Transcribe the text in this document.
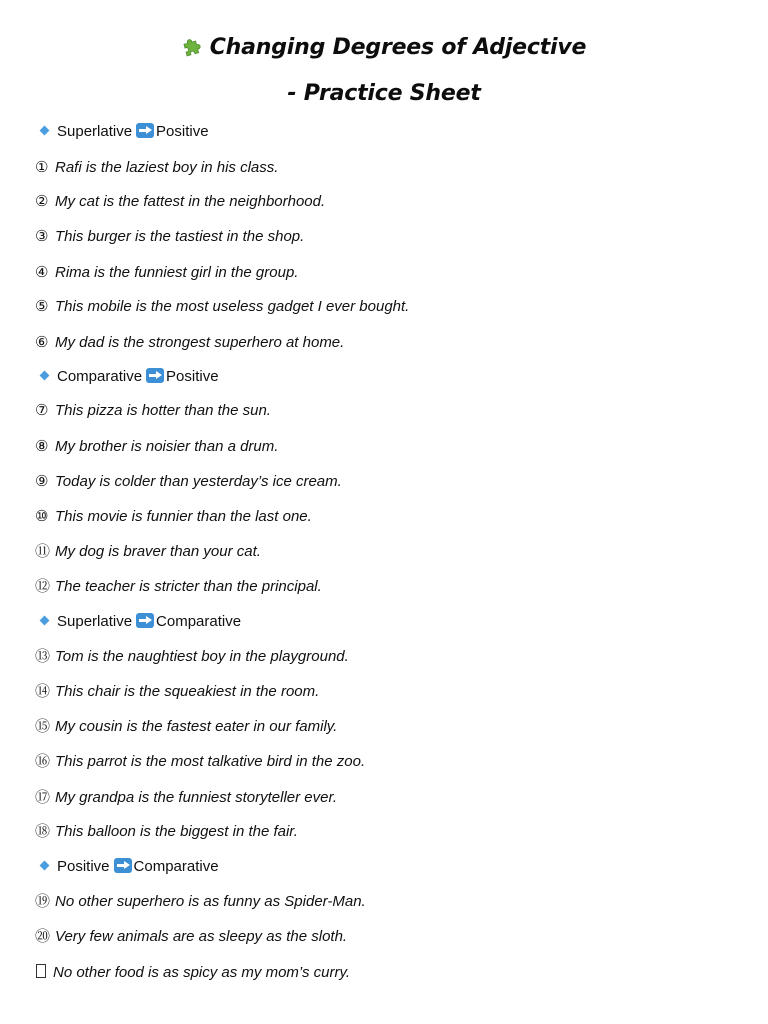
Changing Degrees of Adjective
- Practice Sheet
Superlative Positive
① Rafi is the laziest boy in his class.
② My cat is the fattest in the neighborhood.
③ This burger is the tastiest in the shop.
④ Rima is the funniest girl in the group.
⑤ This mobile is the most useless gadget I ever bought.
⑥ My dad is the strongest superhero at home.
Comparative Positive
⑦ This pizza is hotter than the sun.
⑧ My brother is noisier than a drum.
⑨ Today is colder than yesterday’s ice cream.
⑩ This movie is funnier than the last one.
⑪ My dog is braver than your cat.
⑫ The teacher is stricter than the principal.
Superlative Comparative
⑬ Tom is the naughtiest boy in the playground.
⑭ This chair is the squeakiest in the room.
⑮ My cousin is the fastest eater in our family.
⑯ This parrot is the most talkative bird in the zoo.
⑰ My grandpa is the funniest storyteller ever.
⑱ This balloon is the biggest in the fair.
Positive Comparative
⑲ No other superhero is as funny as Spider-Man.
⑳ Very few animals are as sleepy as the sloth.
No other food is as spicy as my mom’s curry.
